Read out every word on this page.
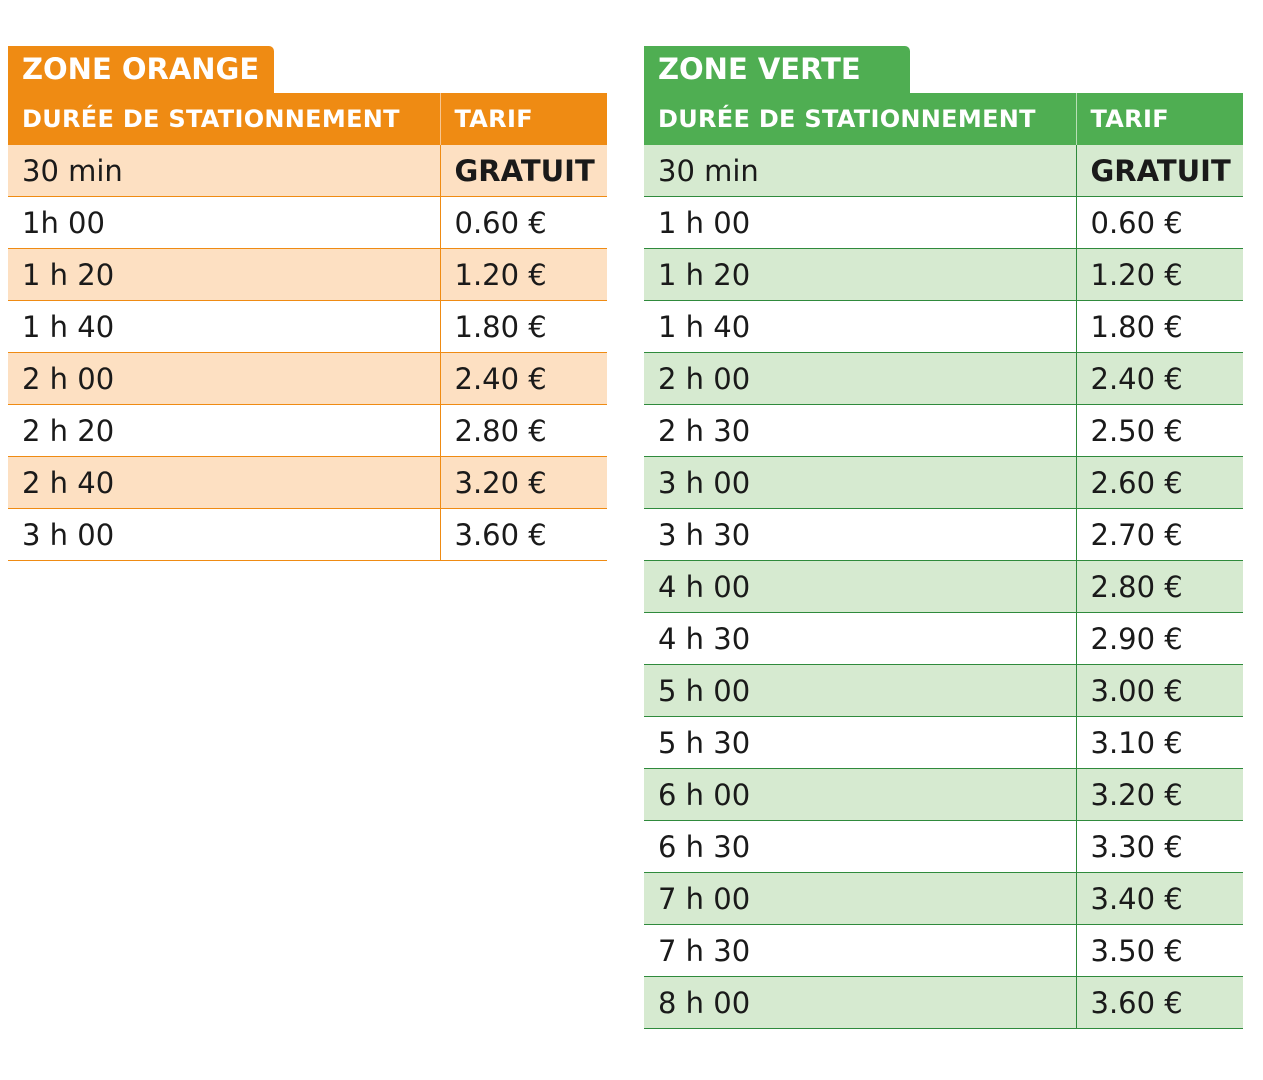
ZONE ORANGE
DURÉE DE STATIONNEMENT	TARIF
30 min	GRATUIT
1h 00	0.60 €
1 h 20	1.20 €
1 h 40	1.80 €
2 h 00	2.40 €
2 h 20	2.80 €
2 h 40	3.20 €
3 h 00	3.60 €
ZONE VERTE
DURÉE DE STATIONNEMENT	TARIF
30 min	GRATUIT
1 h 00	0.60 €
1 h 20	1.20 €
1 h 40	1.80 €
2 h 00	2.40 €
2 h 30	2.50 €
3 h 00	2.60 €
3 h 30	2.70 €
4 h 00	2.80 €
4 h 30	2.90 €
5 h 00	3.00 €
5 h 30	3.10 €
6 h 00	3.20 €
6 h 30	3.30 €
7 h 00	3.40 €
7 h 30	3.50 €
8 h 00	3.60 €
